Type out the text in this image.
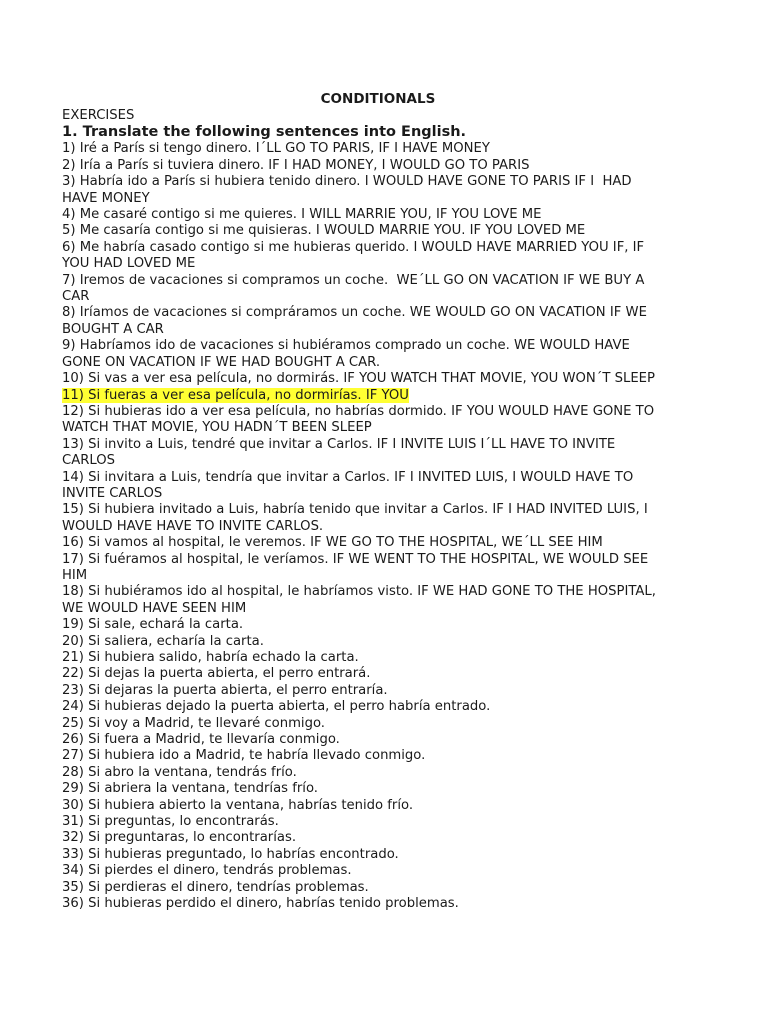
CONDITIONALS
EXERCISES
1. Translate the following sentences into English.
1) Iré a París si tengo dinero. I´LL GO TO PARIS, IF I HAVE MONEY
2) Iría a París si tuviera dinero. IF I HAD MONEY, I WOULD GO TO PARIS
3) Habría ido a París si hubiera tenido dinero. I WOULD HAVE GONE TO PARIS IF I  HAD
HAVE MONEY
4) Me casaré contigo si me quieres. I WILL MARRIE YOU, IF YOU LOVE ME
5) Me casaría contigo si me quisieras. I WOULD MARRIE YOU. IF YOU LOVED ME
6) Me habría casado contigo si me hubieras querido. I WOULD HAVE MARRIED YOU IF, IF
YOU HAD LOVED ME
7) Iremos de vacaciones si compramos un coche.  WE´LL GO ON VACATION IF WE BUY A
CAR
8) Iríamos de vacaciones si compráramos un coche. WE WOULD GO ON VACATION IF WE
BOUGHT A CAR
9) Habríamos ido de vacaciones si hubiéramos comprado un coche. WE WOULD HAVE
GONE ON VACATION IF WE HAD BOUGHT A CAR.
10) Si vas a ver esa película, no dormirás. IF YOU WATCH THAT MOVIE, YOU WON´T SLEEP
11) Si fueras a ver esa película, no dormirías. IF YOU
12) Si hubieras ido a ver esa película, no habrías dormido. IF YOU WOULD HAVE GONE TO
WATCH THAT MOVIE, YOU HADN´T BEEN SLEEP
13) Si invito a Luis, tendré que invitar a Carlos. IF I INVITE LUIS I´LL HAVE TO INVITE
CARLOS
14) Si invitara a Luis, tendría que invitar a Carlos. IF I INVITED LUIS, I WOULD HAVE TO
INVITE CARLOS
15) Si hubiera invitado a Luis, habría tenido que invitar a Carlos. IF I HAD INVITED LUIS, I
WOULD HAVE HAVE TO INVITE CARLOS.
16) Si vamos al hospital, le veremos. IF WE GO TO THE HOSPITAL, WE´LL SEE HIM
17) Si fuéramos al hospital, le veríamos. IF WE WENT TO THE HOSPITAL, WE WOULD SEE
HIM
18) Si hubiéramos ido al hospital, le habríamos visto. IF WE HAD GONE TO THE HOSPITAL,
WE WOULD HAVE SEEN HIM
19) Si sale, echará la carta.
20) Si saliera, echaría la carta.
21) Si hubiera salido, habría echado la carta.
22) Si dejas la puerta abierta, el perro entrará.
23) Si dejaras la puerta abierta, el perro entraría.
24) Si hubieras dejado la puerta abierta, el perro habría entrado.
25) Si voy a Madrid, te llevaré conmigo.
26) Si fuera a Madrid, te llevaría conmigo.
27) Si hubiera ido a Madrid, te habría llevado conmigo.
28) Si abro la ventana, tendrás frío.
29) Si abriera la ventana, tendrías frío.
30) Si hubiera abierto la ventana, habrías tenido frío.
31) Si preguntas, lo encontrarás.
32) Si preguntaras, lo encontrarías.
33) Si hubieras preguntado, lo habrías encontrado.
34) Si pierdes el dinero, tendrás problemas.
35) Si perdieras el dinero, tendrías problemas.
36) Si hubieras perdido el dinero, habrías tenido problemas.
